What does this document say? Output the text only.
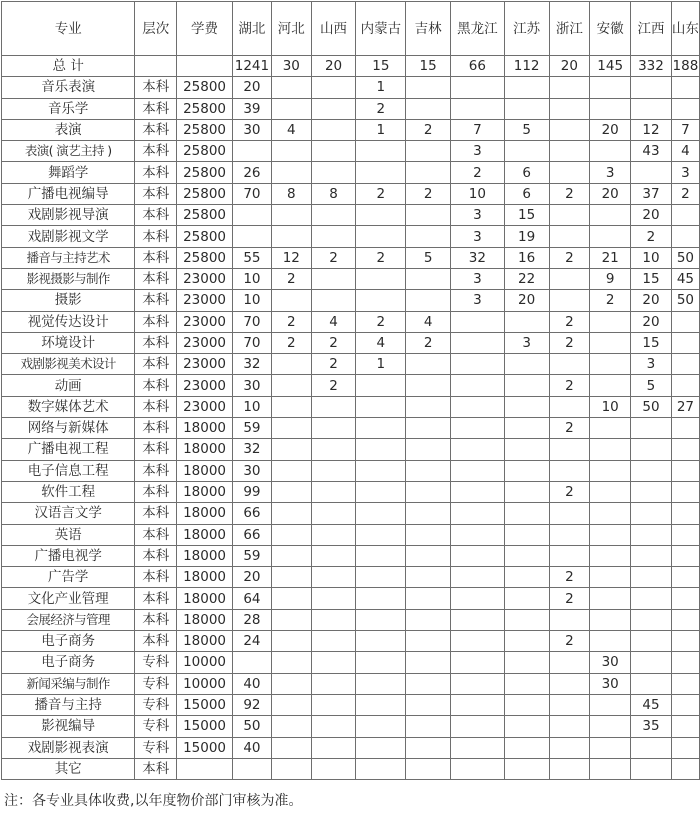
专业	层次	学费	湖北	河北	山西	内蒙古	吉林	黑龙江	江苏	浙江	安徽	江西	山东
总 计			1241	30	20	15	15	66	112	20	145	332	188
音乐表演	本科	25800	20			1							
音乐学	本科	25800	39			2							
表演	本科	25800	30	4		1	2	7	5		20	12	7
表演( 演艺主持 )	本科	25800						3				43	4
舞蹈学	本科	25800	26					2	6		3		3
广播电视编导	本科	25800	70	8	8	2	2	10	6	2	20	37	2
戏剧影视导演	本科	25800						3	15			20	
戏剧影视文学	本科	25800						3	19			2	
播音与主持艺术	本科	25800	55	12	2	2	5	32	16	2	21	10	50
影视摄影与制作	本科	23000	10	2				3	22		9	15	45
摄影	本科	23000	10					3	20		2	20	50
视觉传达设计	本科	23000	70	2	4	2	4			2		20	
环境设计	本科	23000	70	2	2	4	2		3	2		15	
戏剧影视美术设计	本科	23000	32		2	1						3	
动画	本科	23000	30		2					2		5	
数字媒体艺术	本科	23000	10								10	50	27
网络与新媒体	本科	18000	59							2			
广播电视工程	本科	18000	32										
电子信息工程	本科	18000	30										
软件工程	本科	18000	99							2			
汉语言文学	本科	18000	66										
英语	本科	18000	66										
广播电视学	本科	18000	59										
广告学	本科	18000	20							2			
文化产业管理	本科	18000	64							2			
会展经济与管理	本科	18000	28										
电子商务	本科	18000	24							2			
电子商务	专科	10000									30		
新闻采编与制作	专科	10000	40								30		
播音与主持	专科	15000	92									45	
影视编导	专科	15000	50									35	
戏剧影视表演	专科	15000	40										
其它	本科												
注：各专业具体收费,以年度物价部门审核为准。
